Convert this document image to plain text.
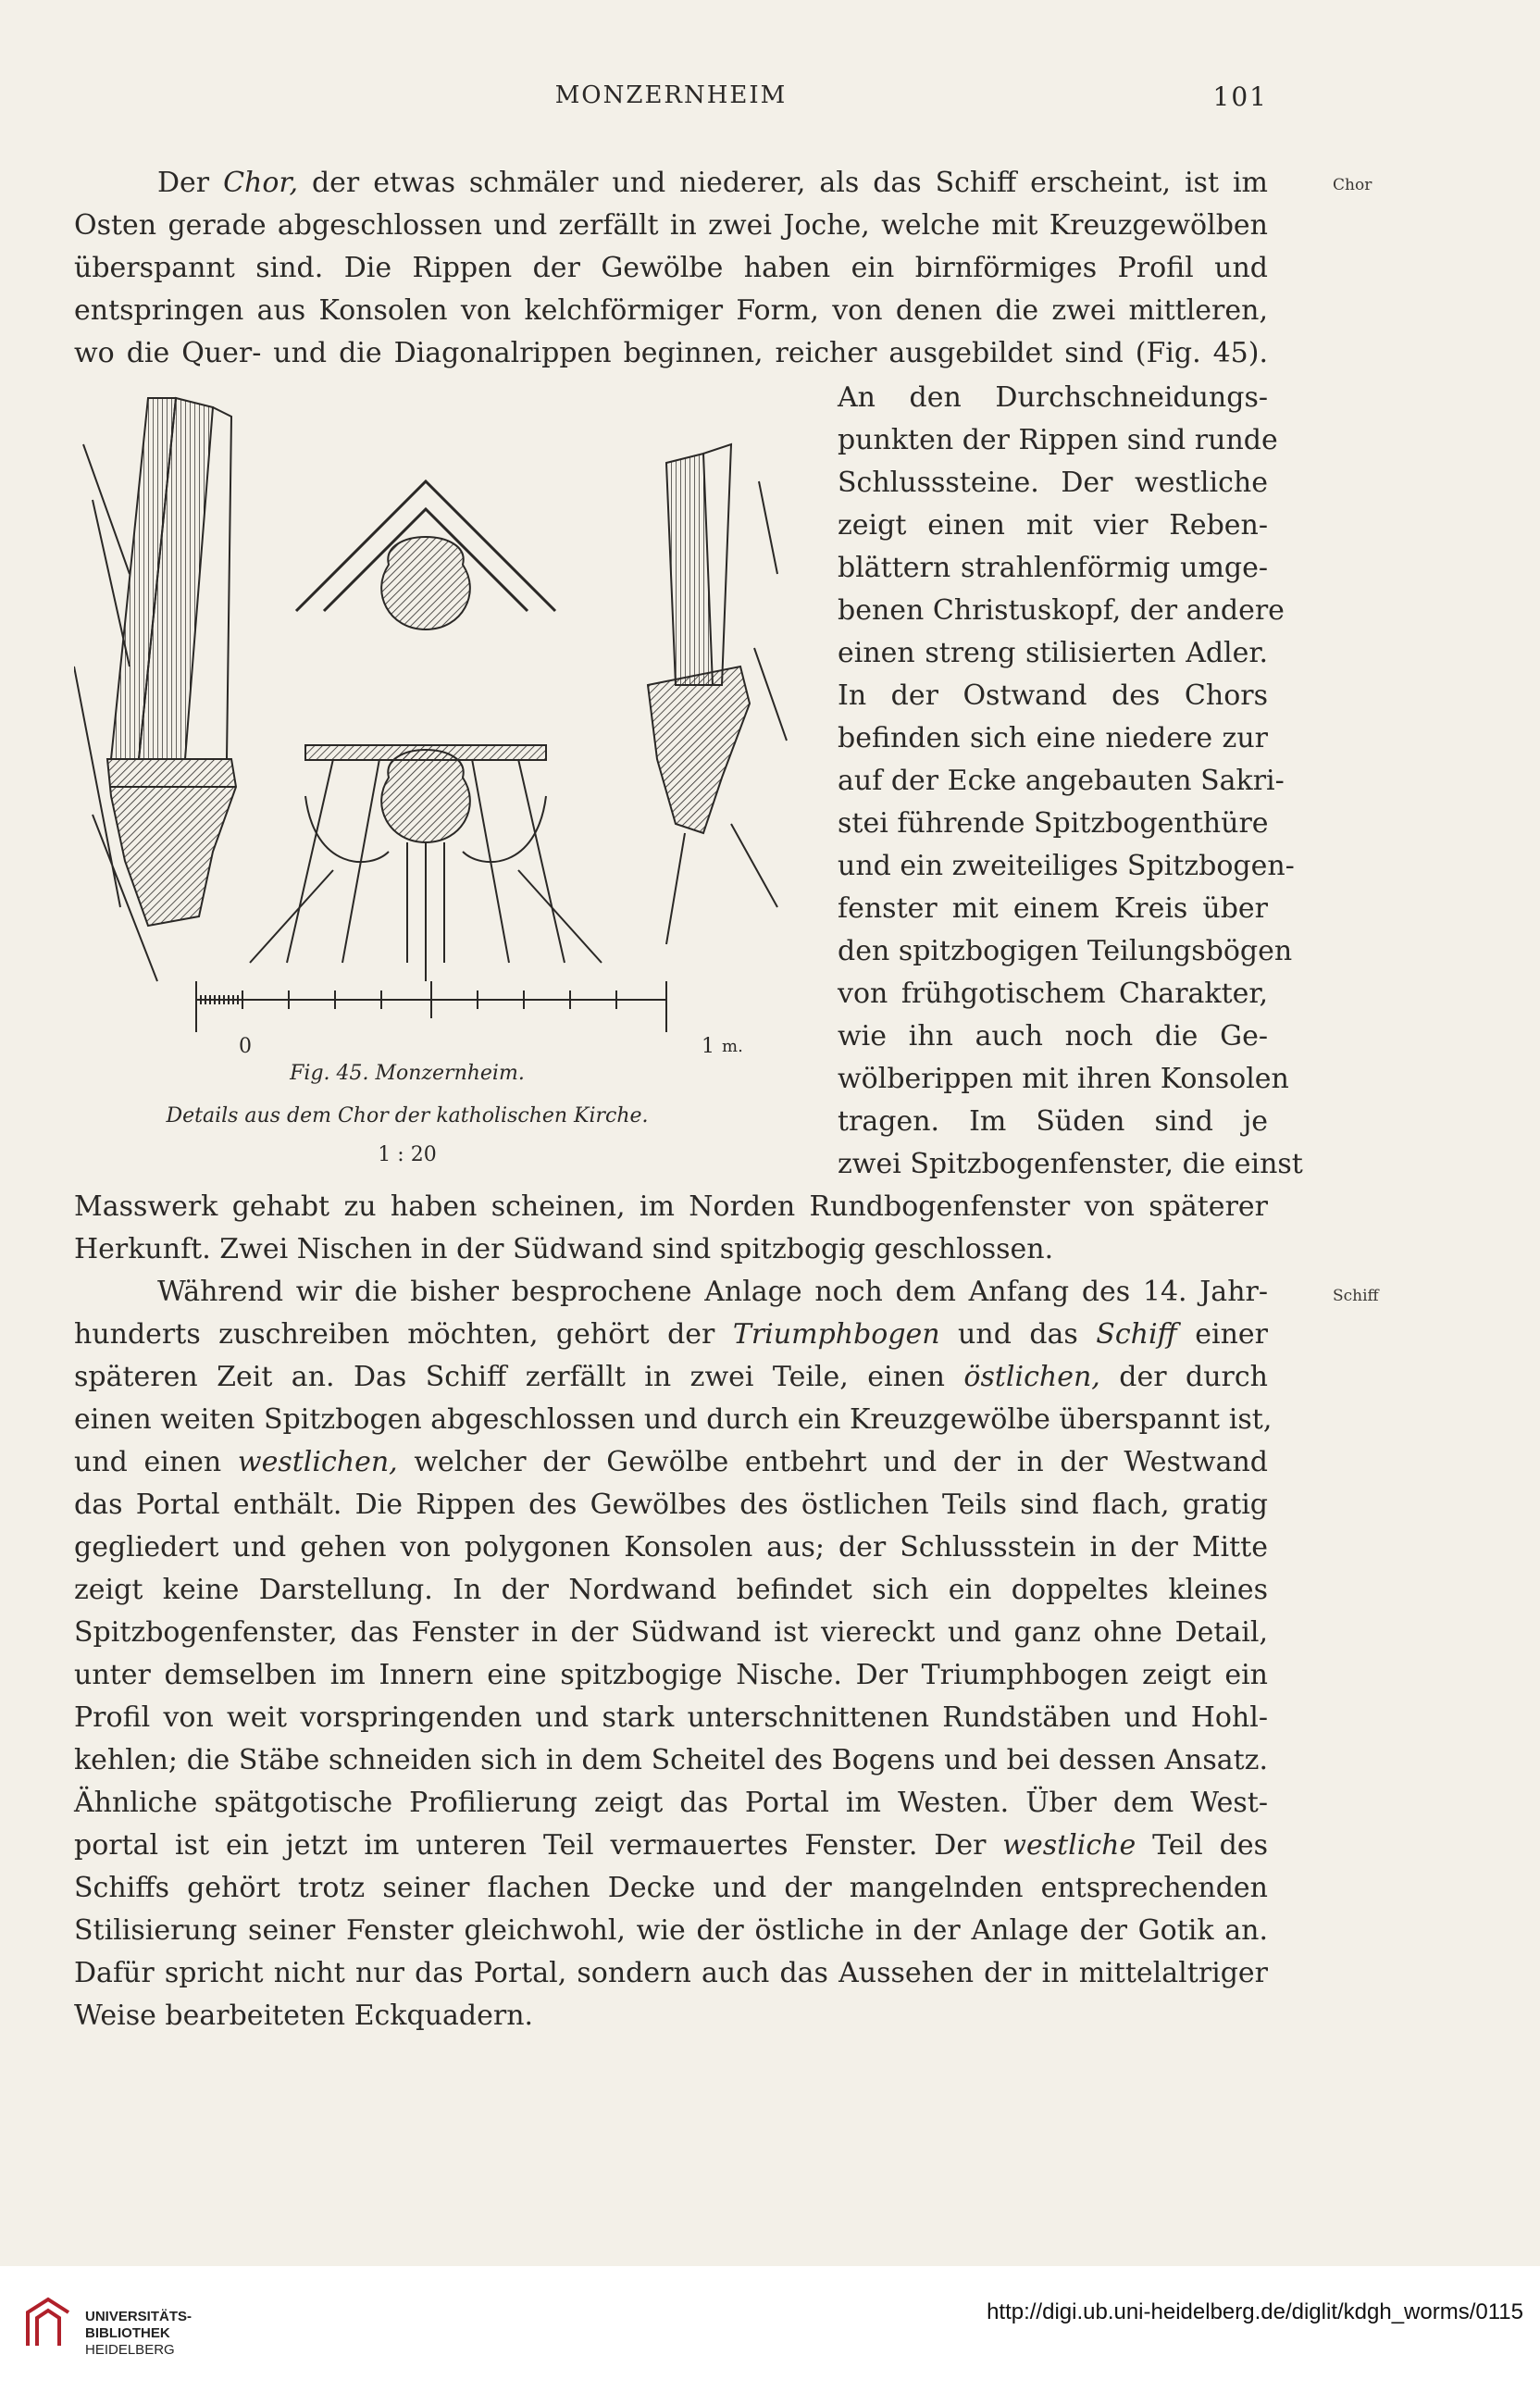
MONZERNHEIM	101
Chor
Schiff
Der Chor, der etwas schmäler und niederer, als das Schiff erscheint, ist im
Osten gerade abgeschlossen und zerfällt in zwei Joche, welche mit Kreuzgewölben
überspannt sind. Die Rippen der Gewölbe haben ein birnförmiges Profil und
entspringen aus Konsolen von kelchförmiger Form, von denen die zwei mittleren,
wo die Quer- und die Diagonalrippen beginnen, reicher ausgebildet sind (Fig. 45).
An den Durchschneidungs-
punkten der Rippen sind runde
Schlusssteine. Der westliche
zeigt einen mit vier Reben-
blättern strahlenförmig umge-
benen Christuskopf, der andere
einen streng stilisierten Adler.
In der Ostwand des Chors
befinden sich eine niedere zur
auf der Ecke angebauten Sakri-
stei führende Spitzbogenthüre
und ein zweiteiliges Spitzbogen-
fenster mit einem Kreis über
den spitzbogigen Teilungsbögen
von frühgotischem Charakter,
wie ihn auch noch die Ge-
wölberippen mit ihren Konsolen
tragen. Im Süden sind je
zwei Spitzbogenfenster, die einst
Masswerk gehabt zu haben scheinen, im Norden Rundbogenfenster von späterer
Herkunft. Zwei Nischen in der Südwand sind spitzbogig geschlossen.
0	1 m.
Fig. 45. Monzernheim.
Details aus dem Chor der katholischen Kirche.
1 : 20
Während wir die bisher besprochene Anlage noch dem Anfang des 14. Jahr-
hunderts zuschreiben möchten, gehört der Triumphbogen und das Schiff einer
späteren Zeit an. Das Schiff zerfällt in zwei Teile, einen östlichen, der durch
einen weiten Spitzbogen abgeschlossen und durch ein Kreuzgewölbe überspannt ist,
und einen westlichen, welcher der Gewölbe entbehrt und der in der Westwand
das Portal enthält. Die Rippen des Gewölbes des östlichen Teils sind flach, gratig
gegliedert und gehen von polygonen Konsolen aus; der Schlussstein in der Mitte
zeigt keine Darstellung. In der Nordwand befindet sich ein doppeltes kleines
Spitzbogenfenster, das Fenster in der Südwand ist viereckt und ganz ohne Detail,
unter demselben im Innern eine spitzbogige Nische. Der Triumphbogen zeigt ein
Profil von weit vorspringenden und stark unterschnittenen Rundstäben und Hohl-
kehlen; die Stäbe schneiden sich in dem Scheitel des Bogens und bei dessen Ansatz.
Ähnliche spätgotische Profilierung zeigt das Portal im Westen. Über dem West-
portal ist ein jetzt im unteren Teil vermauertes Fenster. Der westliche Teil des
Schiffs gehört trotz seiner flachen Decke und der mangelnden entsprechenden
Stilisierung seiner Fenster gleichwohl, wie der östliche in der Anlage der Gotik an.
Dafür spricht nicht nur das Portal, sondern auch das Aussehen der in mittelaltriger
Weise bearbeiteten Eckquadern.
UNIVERSITÄTS-
BIBLIOTHEK
HEIDELBERG
http://digi.ub.uni-heidelberg.de/diglit/kdgh_worms/0115
